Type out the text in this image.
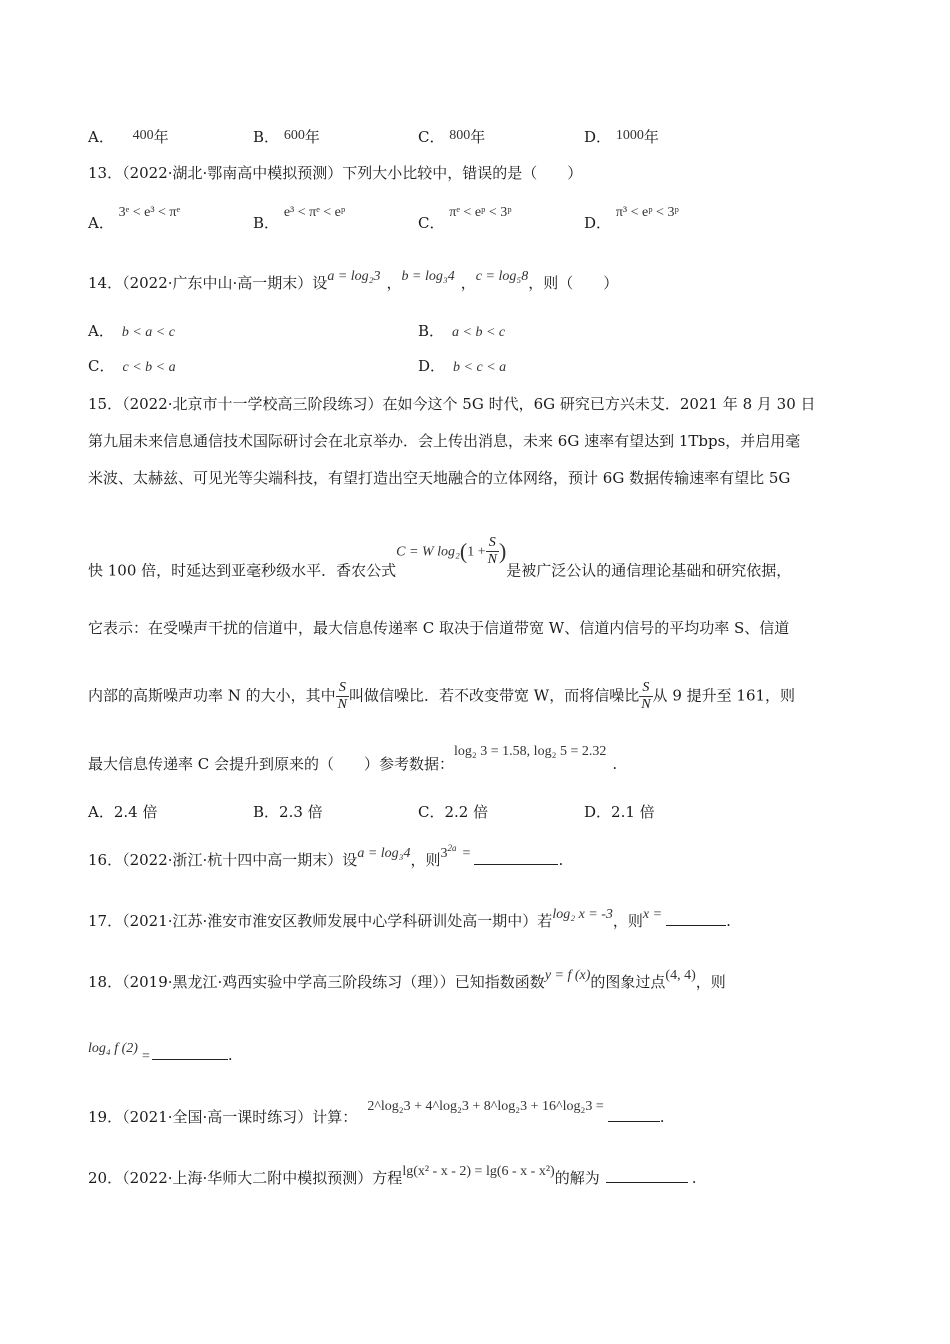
A． 400年	B． 600年	C． 800年	D． 1000年
13．（2022·湖北·鄂南高中模拟预测）下列大小比较中，错误的是（　　）
A． 3ᵉ < e³ < πᵉ
B． e³ < πᵉ < eᵖ
C． πᵉ < eᵖ < 3ᵖ
D． π³ < eᵖ < 3ᵖ
14．（2022·广东中山·高一期末）设a = log₂3 ，b = log₃4 ，c = log₅8，则（　　）
A． b < a < c	B． a < b < c
C． c < b < a	D． b < c < a
15．（2022·北京市十一学校高三阶段练习）在如今这个 5G 时代，6G 研究已方兴未艾．2021 年 8 月 30 日
第九届未来信息通信技术国际研讨会在北京举办．会上传出消息，未来 6G 速率有望达到 1Tbps，并启用毫
米波、太赫兹、可见光等尖端科技，有望打造出空天地融合的立体网络，预计 6G 数据传输速率有望比 5G
快 100 倍，时延达到亚毫秒级水平．香农公式C = W $\log_2(1 + \frac{S}{N}$ )是被广泛公认的通信理论基础和研究依据，
它表示：在受噪声干扰的信道中，最大信息传递率 C 取决于信道带宽 W、信道内信号的平均功率 S、信道
内部的高斯噪声功率 N 的大小，其中 $\frac{S}{N}$ 叫做信噪比．若不改变带宽 W，而将信噪比 $\frac{S}{N}$ 从 9 提升至 161，则
最大信息传递率 C 会提升到原来的（　　）参考数据：log₂ 3 = 1.58, log₂ 5 = 2.32.
A．2.4 倍	B．2.3 倍	C．2.2 倍	D．2.1 倍
16．（2022·浙江·杭十四中高一期末）设a = log₃4，则$3^{2a}$ =	.
17．（2021·江苏·淮安市淮安区教师发展中心学科研训处高一期中）若log₂ x = -3，则x =	.
18．（2019·黑龙江·鸡西实验中学高三阶段练习（理））已知指数函数y = f (x)的图象过点(4, 4)，则
log₄ f (2)=	.
19．（2021·全国·高一课时练习）计算：2^log₂3 + 4^log₂3 + 8^log₂3 + 16^log₂3 =.
20．（2022·上海·华师大二附中模拟预测）方程lg(x² - x - 2) = lg(6 - x - x²)的解为	.
